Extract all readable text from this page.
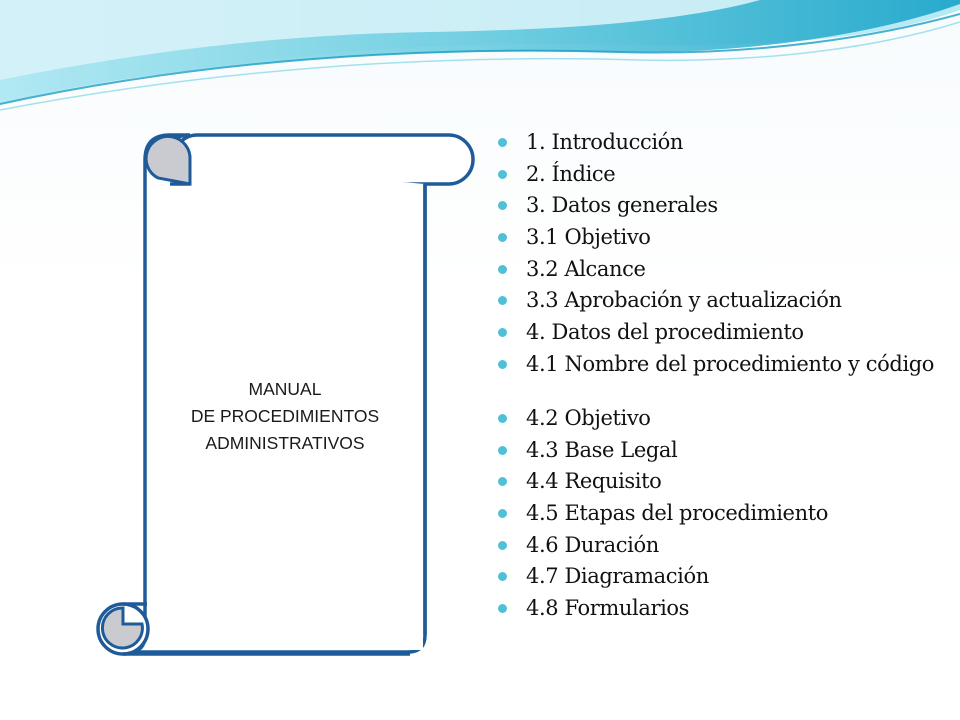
MANUAL
DE PROCEDIMIENTOS
ADMINISTRATIVOS
1. Introducción
2. Índice
3. Datos generales
3.1 Objetivo
3.2 Alcance
3.3 Aprobación y actualización
4. Datos del procedimiento
4.1 Nombre del procedimiento y código
4.2 Objetivo
4.3 Base Legal
4.4 Requisito
4.5 Etapas del procedimiento
4.6 Duración
4.7 Diagramación
4.8 Formularios
